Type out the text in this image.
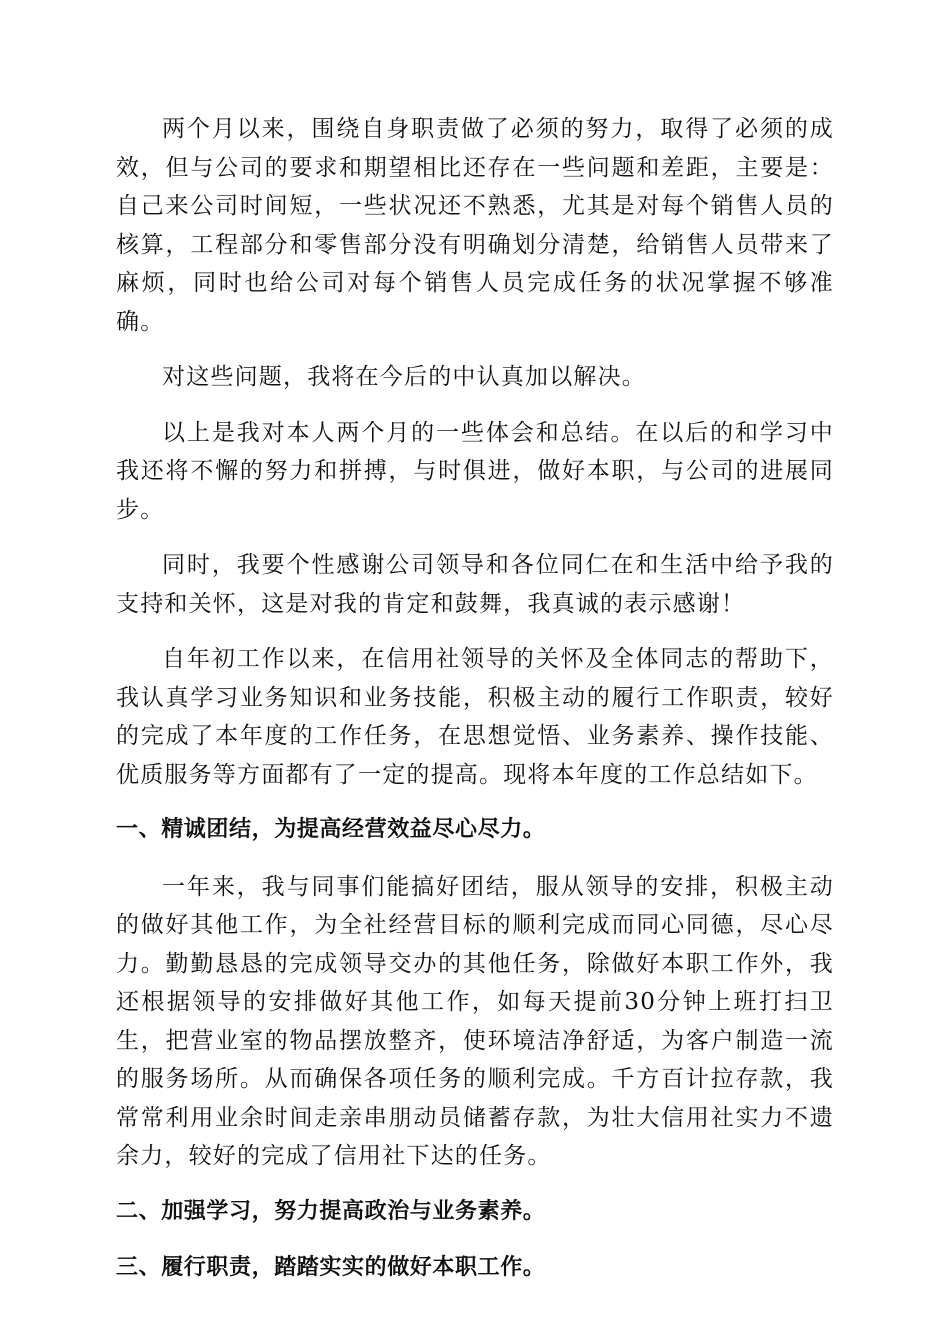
两个月以来，围绕自身职责做了必须的努力，取得了必须的成效，但与公司的要求和期望相比还存在一些问题和差距，主要是：自己来公司时间短，一些状况还不熟悉，尤其是对每个销售人员的核算，工程部分和零售部分没有明确划分清楚，给销售人员带来了麻烦，同时也给公司对每个销售人员完成任务的状况掌握不够准确。

对这些问题，我将在今后的中认真加以解决。

以上是我对本人两个月的一些体会和总结。在以后的和学习中我还将不懈的努力和拼搏，与时俱进，做好本职，与公司的进展同步。

同时，我要个性感谢公司领导和各位同仁在和生活中给予我的支持和关怀，这是对我的肯定和鼓舞，我真诚的表示感谢！

自年初工作以来，在信用社领导的关怀及全体同志的帮助下，我认真学习业务知识和业务技能，积极主动的履行工作职责，较好的完成了本年度的工作任务，在思想觉悟、业务素养、操作技能、优质服务等方面都有了一定的提高。现将本年度的工作总结如下。

一、精诚团结，为提高经营效益尽心尽力。

一年来，我与同事们能搞好团结，服从领导的安排，积极主动的做好其他工作，为全社经营目标的顺利完成而同心同德，尽心尽力。勤勤恳恳的完成领导交办的其他任务，除做好本职工作外，我还根据领导的安排做好其他工作，如每天提前30分钟上班打扫卫生，把营业室的物品摆放整齐，使环境洁净舒适，为客户制造一流的服务场所。从而确保各项任务的顺利完成。千方百计拉存款，我常常利用业余时间走亲串朋动员储蓄存款，为壮大信用社实力不遗余力，较好的完成了信用社下达的任务。

二、加强学习，努力提高政治与业务素养。

三、履行职责，踏踏实实的做好本职工作。
